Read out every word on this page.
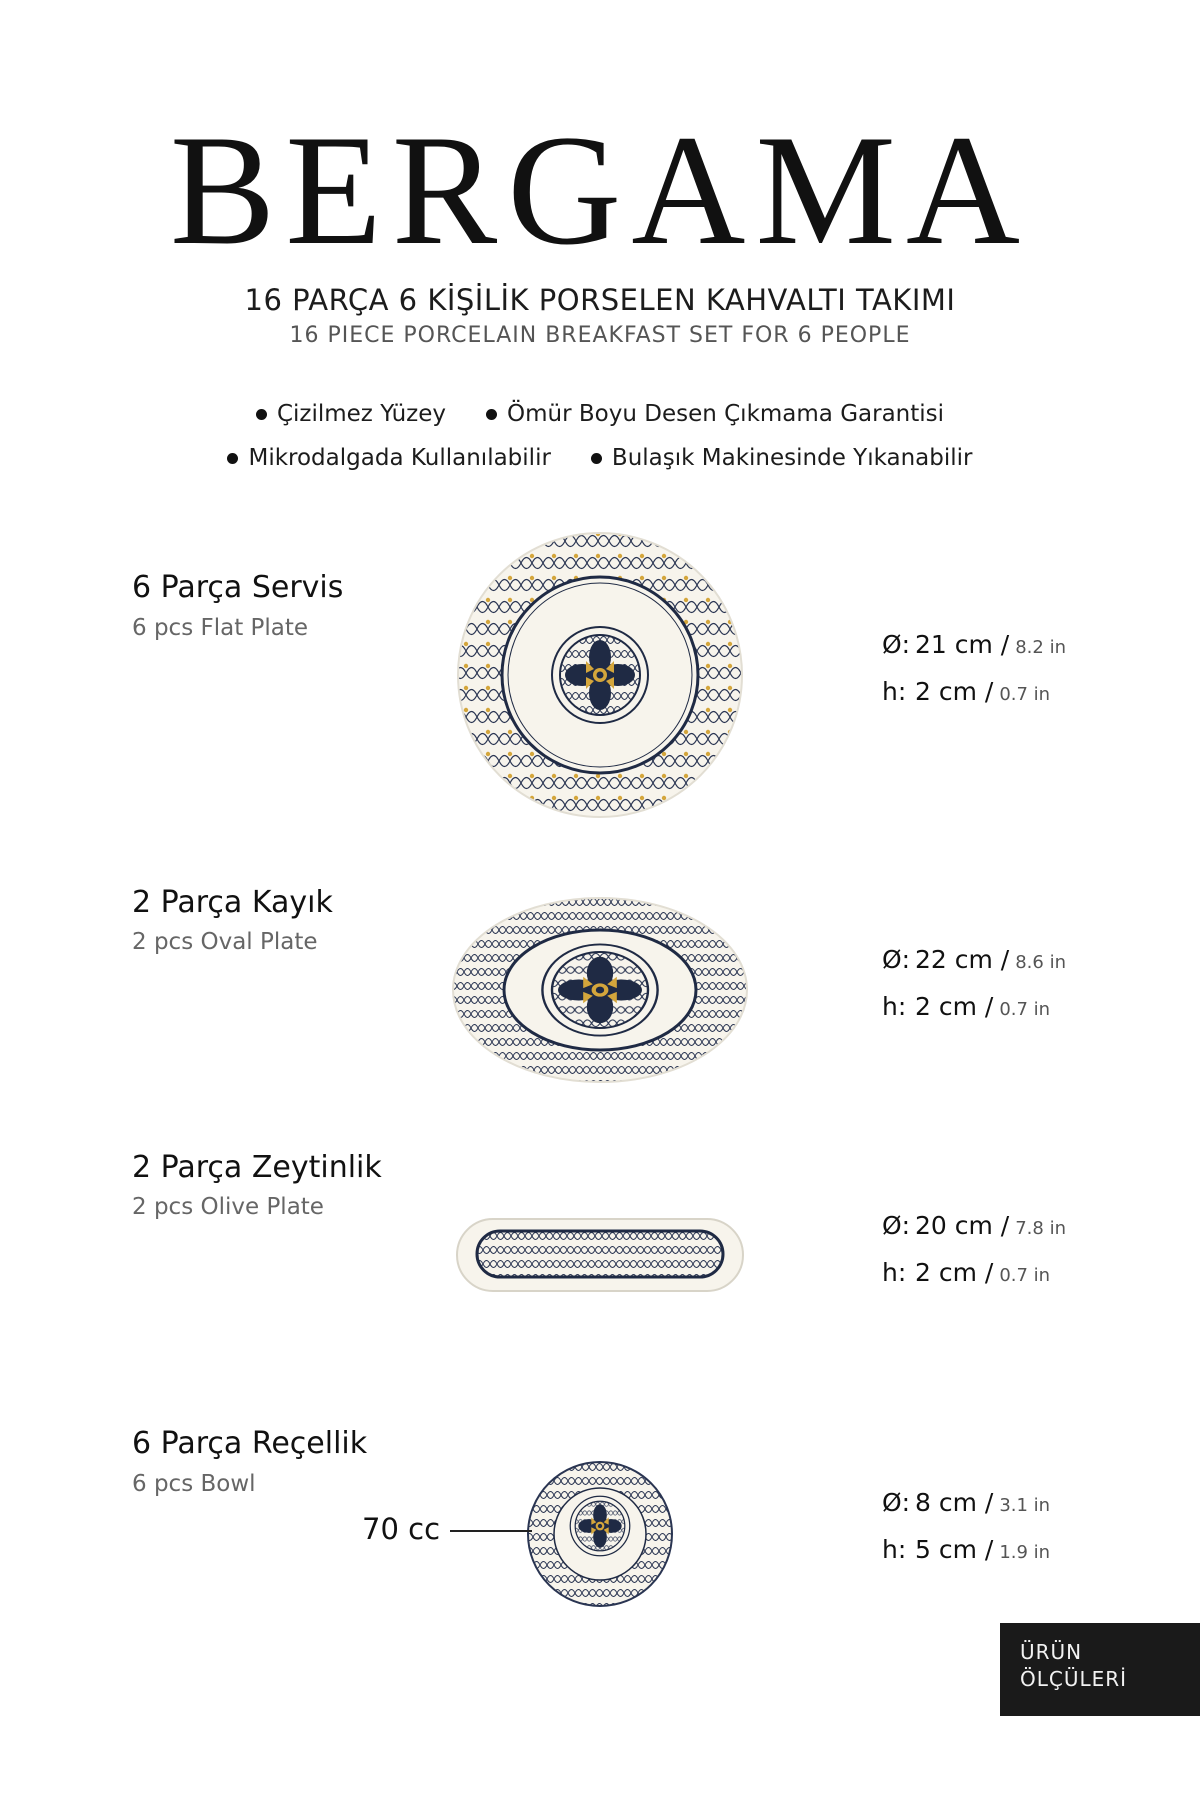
BERGAMA
16 PARÇA 6 KİŞİLİK PORSELEN KAHVALTI TAKIMI
16 PIECE PORCELAIN BREAKFAST SET FOR 6 PEOPLE
Çizilmez Yüzey	Ömür Boyu Desen Çıkmama Garantisi
Mikrodalgada Kullanılabilir	Bulaşık Makinesinde Yıkanabilir
6 Parça Servis
6 pcs Flat Plate
Ø: 21 cm / 8.2 in
h: 2 cm / 0.7 in
2 Parça Kayık
2 pcs Oval Plate
Ø: 22 cm / 8.6 in
h: 2 cm / 0.7 in
2 Parça Zeytinlik
2 pcs Olive Plate
Ø: 20 cm / 7.8 in
h: 2 cm / 0.7 in
6 Parça Reçellik
6 pcs Bowl
70 cc
Ø: 8 cm / 3.1 in
h: 5 cm / 1.9 in
ÜRÜN
ÖLÇÜLERİ
